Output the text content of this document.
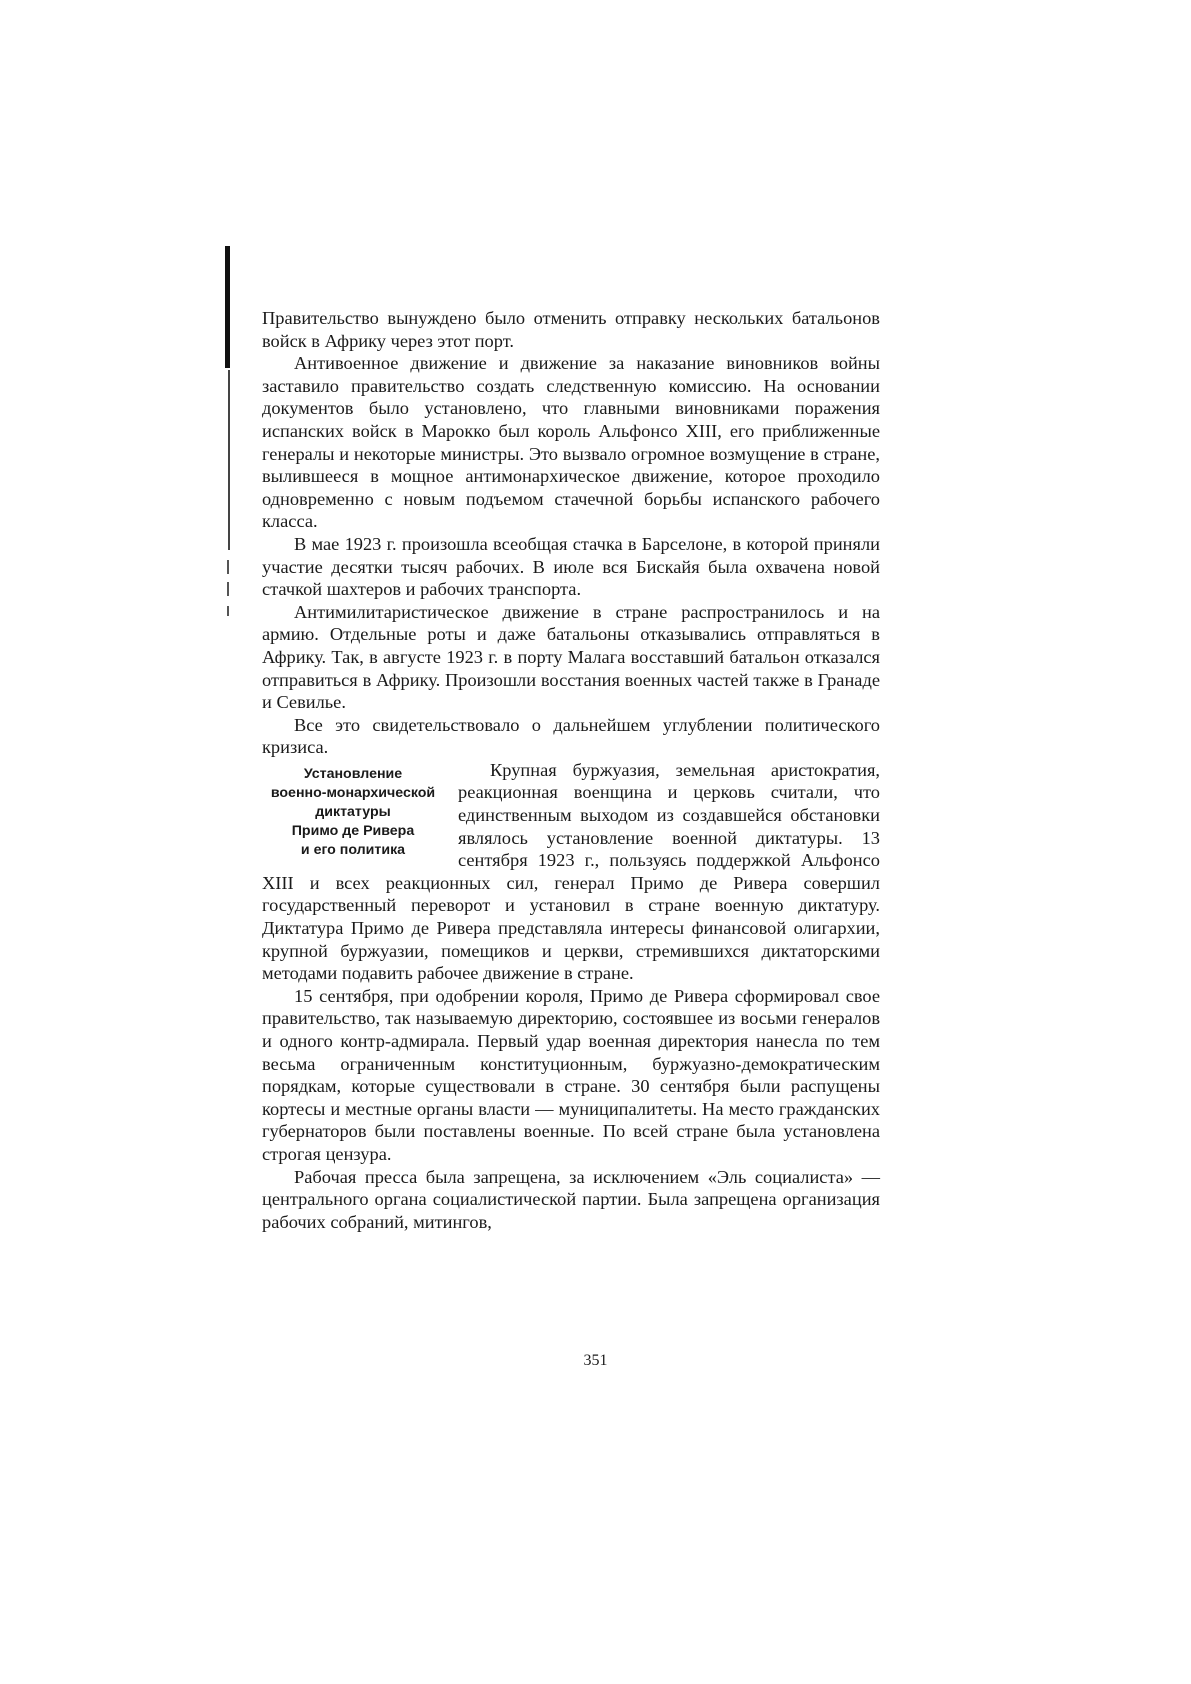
Правительство вынуждено было отменить отправку нескольких батальонов войск в Африку через этот порт.

Антивоенное движение и движение за наказание виновников войны заставило правительство создать следственную комиссию. На основании документов было установлено, что главными виновниками поражения испанских войск в Марокко был король Альфонсо XIII, его приближенные генералы и некоторые министры. Это вызвало огромное возмущение в стране, вылившееся в мощное антимонархическое движение, которое проходило одновременно с новым подъемом стачечной борьбы испанского рабочего класса.

В мае 1923 г. произошла всеобщая стачка в Барселоне, в которой приняли участие десятки тысяч рабочих. В июле вся Бискайя была охвачена новой стачкой шахтеров и рабочих транспорта.

Антимилитаристическое движение в стране распространилось и на армию. Отдельные роты и даже батальоны отказывались отправляться в Африку. Так, в августе 1923 г. в порту Малага восставший батальон отказался отправиться в Африку. Произошли восстания военных частей также в Гранаде и Севилье.

Все это свидетельствовало о дальнейшем углублении политического кризиса.

Установление
военно-монархической
диктатуры
Примо де Ривера
и его политика

Крупная буржуазия, земельная аристократия, реакционная военщина и церковь считали, что единственным выходом из создавшейся обстановки являлось установление военной диктатуры. 13 сентября 1923 г., пользуясь поддержкой Альфонсо XIII и всех реакционных сил, генерал Примо де Ривера совершил государственный переворот и установил в стране военную диктатуру. Диктатура Примо де Ривера представляла интересы финансовой олигархии, крупной буржуазии, помещиков и церкви, стремившихся диктаторскими методами подавить рабочее движение в стране.

15 сентября, при одобрении короля, Примо де Ривера сформировал свое правительство, так называемую директорию, состоявшее из восьми генералов и одного контр-адмирала. Первый удар военная директория нанесла по тем весьма ограниченным конституционным, буржуазно-демократическим порядкам, которые существовали в стране. 30 сентября были распущены кортесы и местные органы власти — муниципалитеты. На место гражданских губернаторов были поставлены военные. По всей стране была установлена строгая цензура.

Рабочая пресса была запрещена, за исключением «Эль социалиста» — центрального органа социалистической партии. Была запрещена организация рабочих собраний, митингов,

351
